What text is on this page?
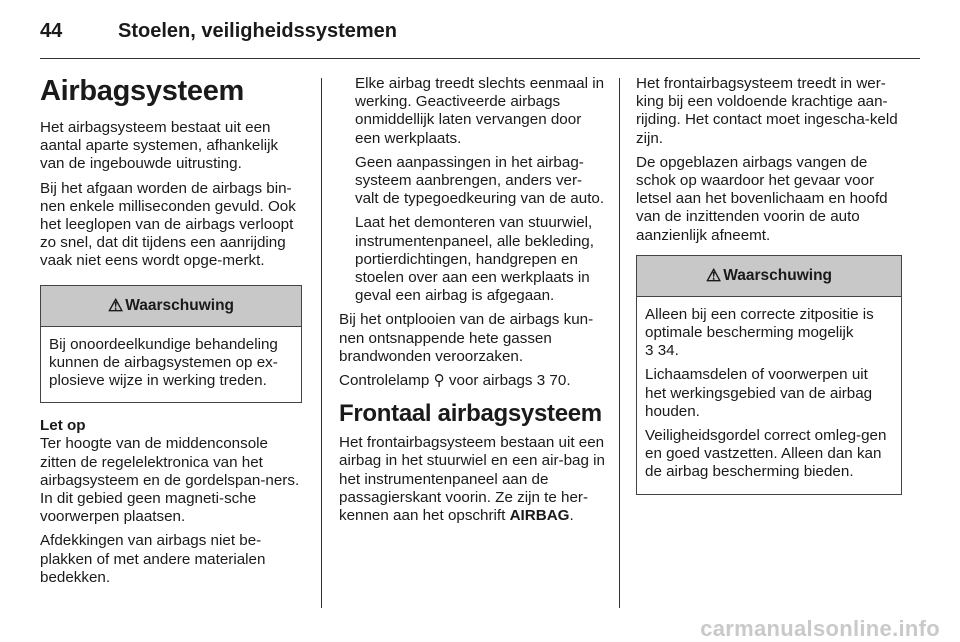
44	Stoelen, veiligheidssystemen
Airbagsysteem

Het airbagsysteem bestaat uit een aantal aparte systemen, afhankelijk van de ingebouwde uitrusting.

Bij het afgaan worden de airbags bin-nen enkele milliseconden gevuld. Ook het leeglopen van de airbags verloopt zo snel, dat dit tijdens een aanrijding vaak niet eens wordt opge-merkt.

⚠ Waarschuwing

Bij onoordeelkundige behandeling kunnen de airbagsystemen op ex-plosieve wijze in werking treden.

Let op

Ter hoogte van de middenconsole zitten de regelelektronica van het airbagsysteem en de gordelspan-ners. In dit gebied geen magneti-sche voorwerpen plaatsen.

Afdekkingen van airbags niet be-plakken of met andere materialen bedekken.

Elke airbag treedt slechts eenmaal in werking. Geactiveerde airbags onmiddellijk laten vervangen door een werkplaats.

Geen aanpassingen in het airbag-systeem aanbrengen, anders ver-valt de typegoedkeuring van de auto.

Laat het demonteren van stuurwiel, instrumentenpaneel, alle bekleding, portierdichtingen, handgrepen en stoelen over aan een werkplaats in geval een airbag is afgegaan.

Bij het ontplooien van de airbags kun-nen ontsnappende hete gassen brandwonden veroorzaken.

Controlelamp ⚲ voor airbags 3 70.

Frontaal airbagsysteem

Het frontairbagsysteem bestaan uit een airbag in het stuurwiel en een air-bag in het instrumentenpaneel aan de passagierskant voorin. Ze zijn te her-kennen aan het opschrift AIRBAG.

Het frontairbagsysteem treedt in wer-king bij een voldoende krachtige aan-rijding. Het contact moet ingescha-keld zijn.

De opgeblazen airbags vangen de schok op waardoor het gevaar voor letsel aan het bovenlichaam en hoofd van de inzittenden voorin de auto aanzienlijk afneemt.

⚠ Waarschuwing

Alleen bij een correcte zitpositie is optimale bescherming mogelijk
3 34.

Lichaamsdelen of voorwerpen uit het werkingsgebied van de airbag houden.

Veiligheidsgordel correct omleg-gen en goed vastzetten. Alleen dan kan de airbag bescherming bieden.

carmanualsonline.info
